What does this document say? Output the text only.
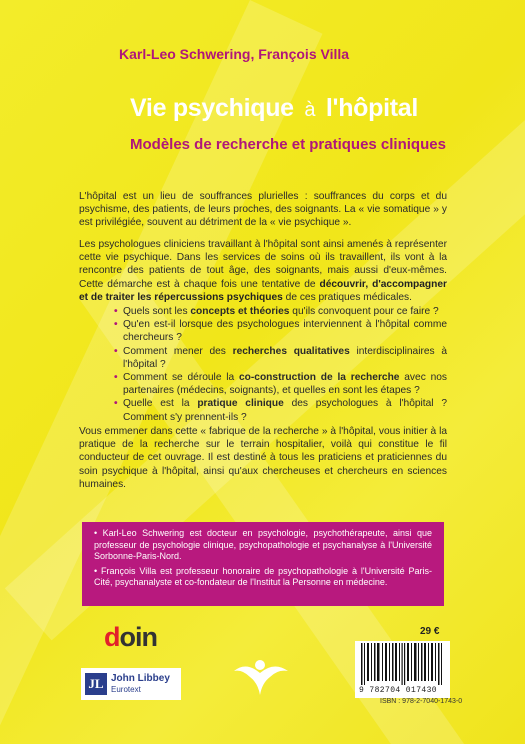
Karl-Leo Schwering, François Villa
Vie psychique à l'hôpital
Modèles de recherche et pratiques cliniques

L'hôpital est un lieu de souffrances plurielles : souffrances du corps et du psychisme, des patients, de leurs proches, des soignants. La « vie somatique » y est privilégiée, souvent au détriment de la « vie psychique ».

Les psychologues cliniciens travaillant à l'hôpital sont ainsi amenés à représenter cette vie psychique. Dans les services de soins où ils travaillent, ils vont à la rencontre des patients de tout âge, des soignants, mais aussi d'eux-mêmes. Cette démarche est à chaque fois une tentative de découvrir, d'accompagner et de traiter les répercussions psychiques de ces pratiques médicales.

• Quels sont les concepts et théories qu'ils convoquent pour ce faire ?
• Qu'en est-il lorsque des psychologues interviennent à l'hôpital comme chercheurs ?
• Comment mener des recherches qualitatives interdisciplinaires à l'hôpital ?
• Comment se déroule la co-construction de la recherche avec nos partenaires (médecins, soignants), et quelles en sont les étapes ?
• Quelle est la pratique clinique des psychologues à l'hôpital ? Comment s'y prennent-ils ?

Vous emmener dans cette « fabrique de la recherche » à l'hôpital, vous initier à la pratique de la recherche sur le terrain hospitalier, voilà qui constitue le fil conducteur de cet ouvrage. Il est destiné à tous les praticiens et praticiennes du soin psychique à l'hôpital, ainsi qu'aux chercheuses et chercheurs en sciences humaines.

• Karl-Leo Schwering est docteur en psychologie, psychothérapeute, ainsi que professeur de psychologie clinique, psychopathologie et psychanalyse à l'Université Sorbonne-Paris-Nord.

• François Villa est professeur honoraire de psychopathologie à l'Université Paris-Cité, psychanalyste et co-fondateur de l'Institut la Personne en médecine.

doin
JL John Libbey
Eurotext
29 €
9 782704 017430
ISBN : 978-2-7040-1743-0
